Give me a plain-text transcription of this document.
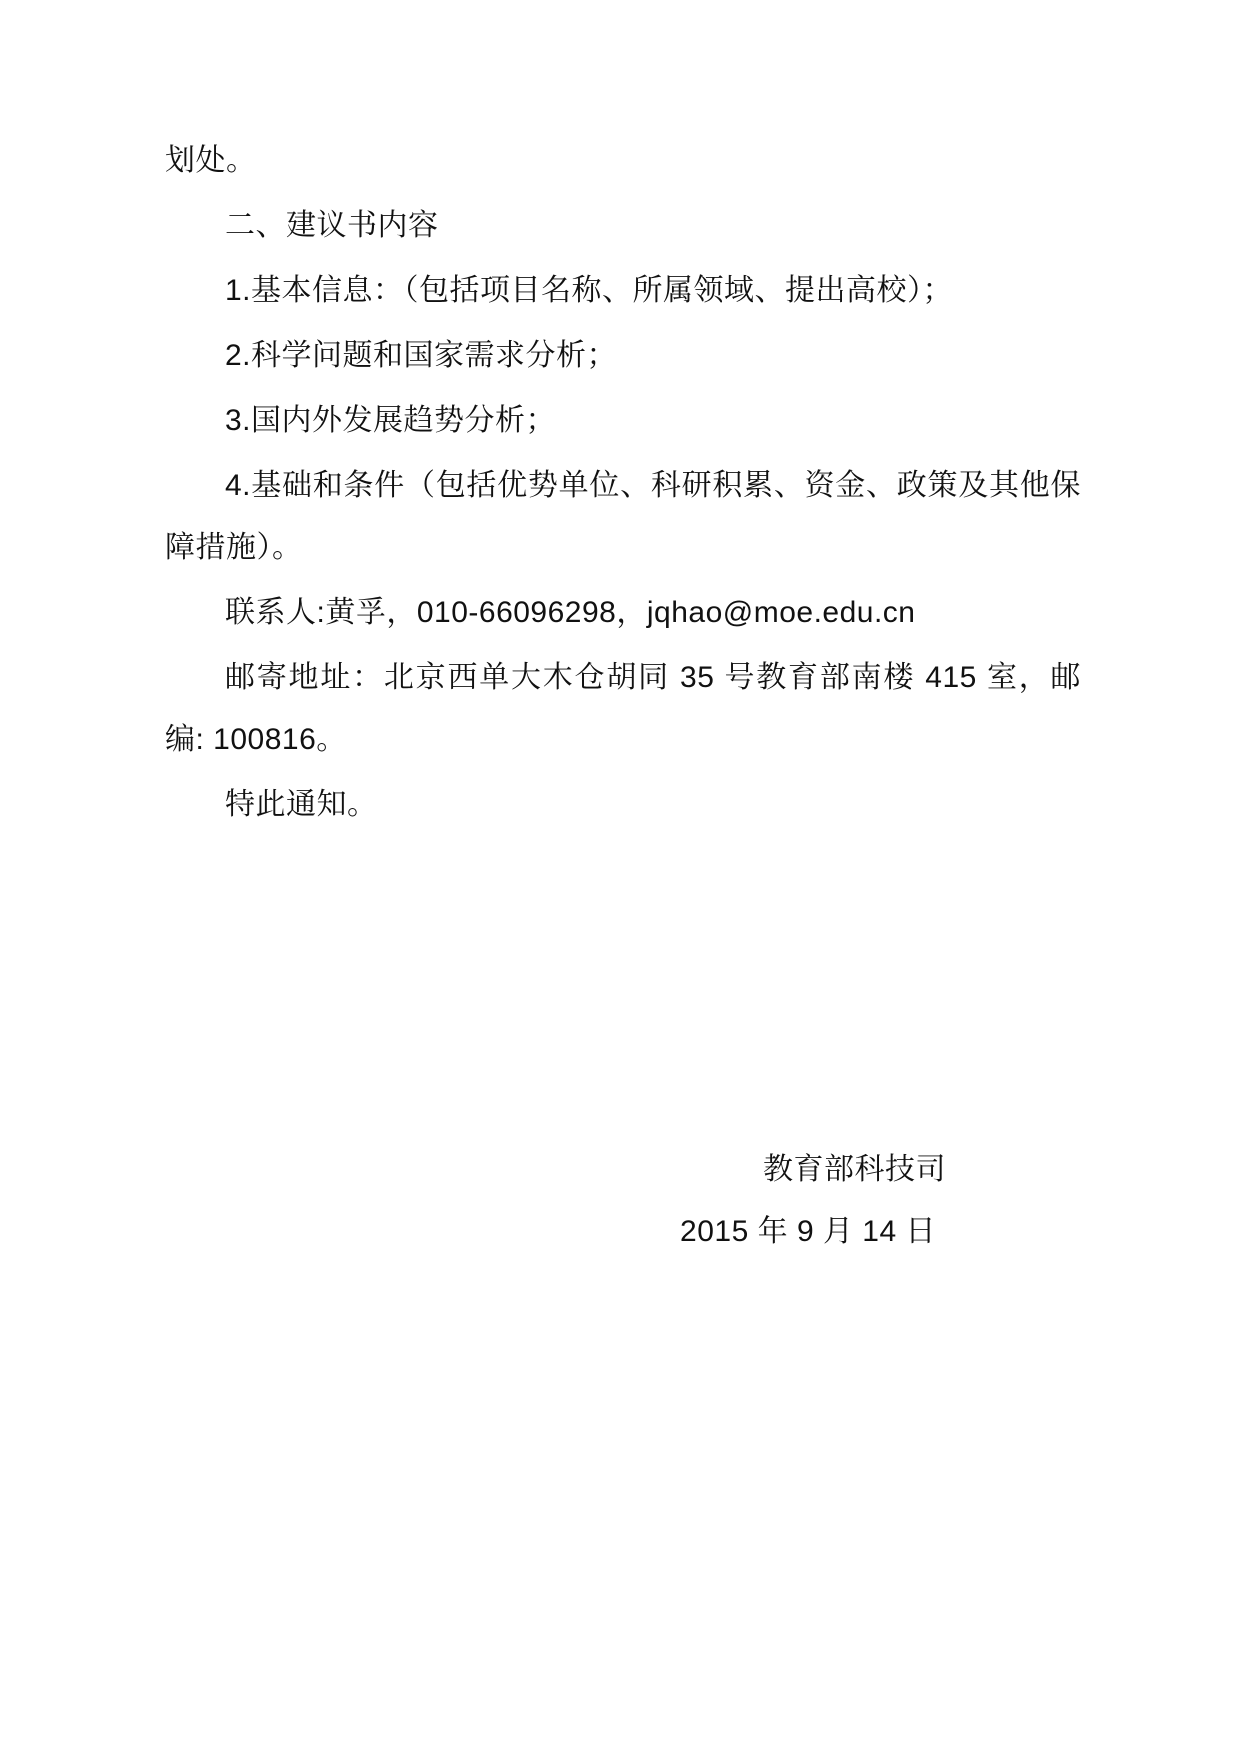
划处。

二、建议书内容

1.基本信息：（包括项目名称、所属领域、提出高校）；

2.科学问题和国家需求分析；

3.国内外发展趋势分析；

4.基础和条件（包括优势单位、科研积累、资金、政策及其他保障措施）。

联系人:黄孚，010-66096298，jqhao@moe.edu.cn

邮寄地址：北京西单大木仓胡同 35 号教育部南楼 415 室，邮编: 100816。

特此通知。

教育部科技司

2015 年 9 月 14 日
